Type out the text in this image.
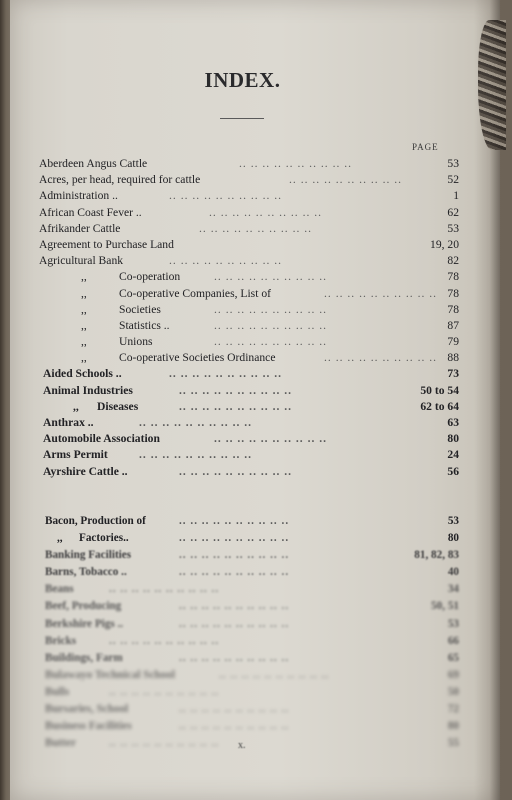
INDEX.
PAGE
Aberdeen Angus Cattle	.. .. .. .. .. .. .. .. .. ..	53
Acres, per head, required for cattle	.. .. .. .. .. .. .. .. .. ..	52
Administration ..	.. .. .. .. .. .. .. .. .. ..	1
African Coast Fever ..	.. .. .. .. .. .. .. .. .. ..	62
Afrikander Cattle	.. .. .. .. .. .. .. .. .. ..	53
Agreement to Purchase Land	19, 20
Agricultural Bank	.. .. .. .. .. .. .. .. .. ..	82
,,	Co-operation	.. .. .. .. .. .. .. .. .. ..	78
,,	Co-operative Companies, List of	.. .. .. .. .. .. .. .. .. .. 78
,,	Societies	.. .. .. .. .. .. .. .. .. ..	78
,,	Statistics ..	.. .. .. .. .. .. .. .. .. ..	87
,,	Unions	.. .. .. .. .. .. .. .. .. ..	79
,,	Co-operative Societies Ordinance	.. .. .. .. .. .. .. .. .. .. 88
Aided Schools ..	.. .. .. .. .. .. .. .. .. ..	73
Animal Industries	.. .. .. .. .. .. .. .. .. ..	50 to 54
,, Diseases	.. .. .. .. .. .. .. .. .. ..	62 to 64
Anthrax ..	.. .. .. .. .. .. .. .. .. ..	63
Automobile Association	.. .. .. .. .. .. .. .. .. ..	80
Arms Permit	.. .. .. .. .. .. .. .. .. ..	24
Ayrshire Cattle ..	.. .. .. .. .. .. .. .. .. ..	56
Bacon, Production of	.. .. .. .. .. .. .. .. .. ..	53
,, Factories..	.. .. .. .. .. .. .. .. .. ..	80
Banking Facilities	.. .. .. .. .. .. .. .. .. ..	81, 82, 83
Barns, Tobacco ..	.. .. .. .. .. .. .. .. .. ..	40
Beans	.. .. .. .. .. .. .. .. .. ..	34
Beef, Producing	.. .. .. .. .. .. .. .. .. ..	50, 51
Berkshire Pigs ..	.. .. .. .. .. .. .. .. .. ..	53
Bricks	.. .. .. .. .. .. .. .. .. ..	66
Buildings, Farm	.. .. .. .. .. .. .. .. .. ..	65
Bulawayo Technical School	.. .. .. .. .. .. .. .. .. ..	69
Bulls	.. .. .. .. .. .. .. .. .. ..	50
Bursaries, School	.. .. .. .. .. .. .. .. .. ..	72
Business Facilities	.. .. .. .. .. .. .. .. .. ..	80
Butter	.. .. .. .. .. .. .. .. .. ..	55
x.
